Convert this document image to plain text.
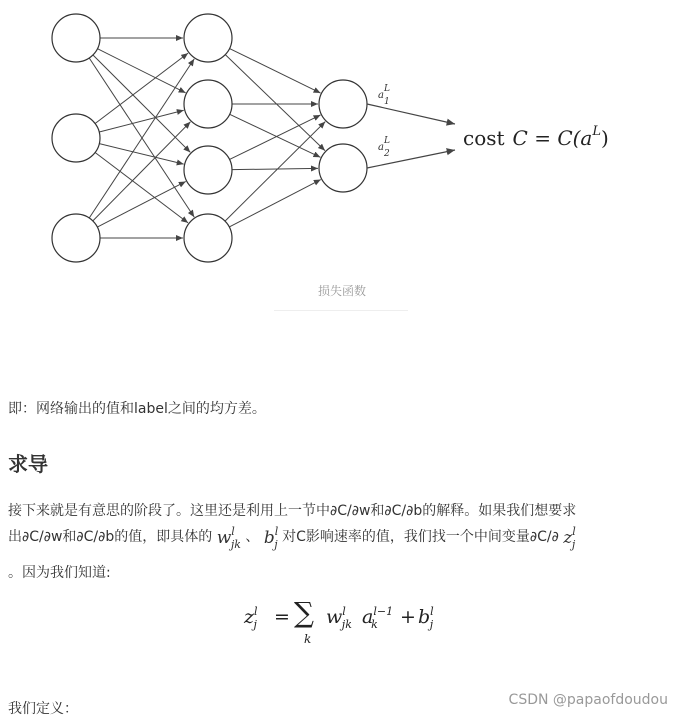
aL 1
aL 2
cost $C = C(a^L)$
损失函数
即：网络输出的值和label之间的均方差。
求导
接下来就是有意思的阶段了。这里还是利用上一节中∂C/∂w和∂C/∂b的解释。如果我们想要求
出∂C/∂w和∂C/∂b的值，即具体的 $w^l_{jk}$ 、 $b^l_j$ 对C影响速率的值，我们找一个中间变量∂C/∂ $z^l_j$
。因为我们知道:
$z^l_j$ = ∑
k
$w^l_{jk}$ $a^{l-1}_k + b^l_j$
我们定义：
CSDN @papaofdoudou
